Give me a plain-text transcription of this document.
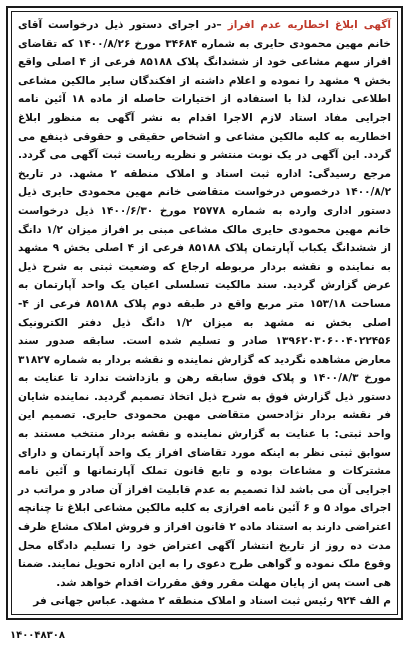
آگهی ابلاغ اخطاریه عدم افراز –در اجرای دستور ذیل درخواست آقای خانم مهین محمودی حایری به شماره ۳۴۶۸۴ مورخ ۱۴۰۰/۸/۲۶ که تقاضای افراز سهم مشاعی خود از ششدانگ پلاک ۸۵۱۸۸ فرعی از ۴ اصلی واقع بخش ۹ مشهد را نموده و اعلام داشته از افکندگان سایر مالکین مشاعی اطلاعی ندارد، لذا با استفاده از اختیارات حاصله از ماده ۱۸ آئین نامه اجرایی مفاد استاد لازم الاجرا اقدام به نشر آگهی به منظور ابلاغ اخطاریه به کلیه مالکین مشاعی و اشخاص حقیقی و حقوقی ذینفع می گردد. این آگهی در یک نوبت منتشر و نظریه ریاست ثبت آگهی می گردد. مرجع رسیدگی: اداره ثبت اسناد و املاک منطقه ۲ مشهد. در تاریخ ۱۴۰۰/۸/۲ درخصوص درخواست متقاضی خانم مهین محمودی حایری ذیل دستور اداری وارده به شماره ۲۵۷۷۸ مورخ ۱۴۰۰/۶/۳۰ ذیل درخواست خانم مهین محمودی حایری مالک مشاعی مبنی بر افراز میزان ۱/۲ دانگ از ششدانگ یکباب آپارتمان پلاک ۸۵۱۸۸ فرعی از ۴ اصلی بخش ۹ مشهد به نماینده و نقشه بردار مربوطه ارجاع که وضعیت ثبتی به شرح ذیل عرض گزارش گردید. سند مالکیت تسلسلی اعیان یک واحد آپارتمان به مساحت ۱۵۳/۱۸ متر مربع واقع در طبقه دوم پلاک ۸۵۱۸۸ فرعی از ۴- اصلی بخش نه مشهد به میزان ۱/۲ دانگ ذیل دفتر الکترونیک ۱۳۹۶۲۰۳۰۶۰۰۴۰۲۲۴۵۶ صادر و تسلیم شده است. سابقه صدور سند معارض مشاهده نگردید که گزارش نماینده و نقشه بردار به شماره ۳۱۸۲۷ مورخ ۱۴۰۰/۸/۳ و پلاک فوق سابقه رهن و بازداشت ندارد تا عنایت به دستور ذیل گزارش فوق به شرح ذیل اتخاذ تصمیم گردید. نماینده شایان فر نقشه بردار نژادحسن متقاضی مهین محمودی حایری. تصمیم این واحد ثبتی: با عنایت به گزارش نماینده و نقشه بردار منتخب مستند به سوابق ثبتی نظر به اینکه مورد تقاضای افراز یک واحد آپارتمان و دارای مشترکات و مشاعات بوده و تابع قانون تملک آپارتمانها و آئین نامه اجرایی آن می باشد لذا تصمیم به عدم قابلیت افراز آن صادر و مراتب در اجرای مواد ۵ و ۶ آئین نامه افرازی به کلیه مالکین مشاعی ابلاغ تا چنانچه اعتراضی دارند به استناد ماده ۲ قانون افراز و فروش املاک مشاع ظرف مدت ده روز از تاریخ انتشار آگهی اعتراض خود را تسلیم دادگاه محل وقوع ملک نموده و گواهی طرح دعوی را به این اداره تحویل نمایند. ضمنا هی است پس از پایان مهلت مقرر وفق مقررات اقدام خواهد شد.
م الف ۹۲۴ رئیس ثبت اسناد و املاک منطقه ۲ مشهد. عباس جهانی فر
۱۴۰۰۴۸۳۰۸
